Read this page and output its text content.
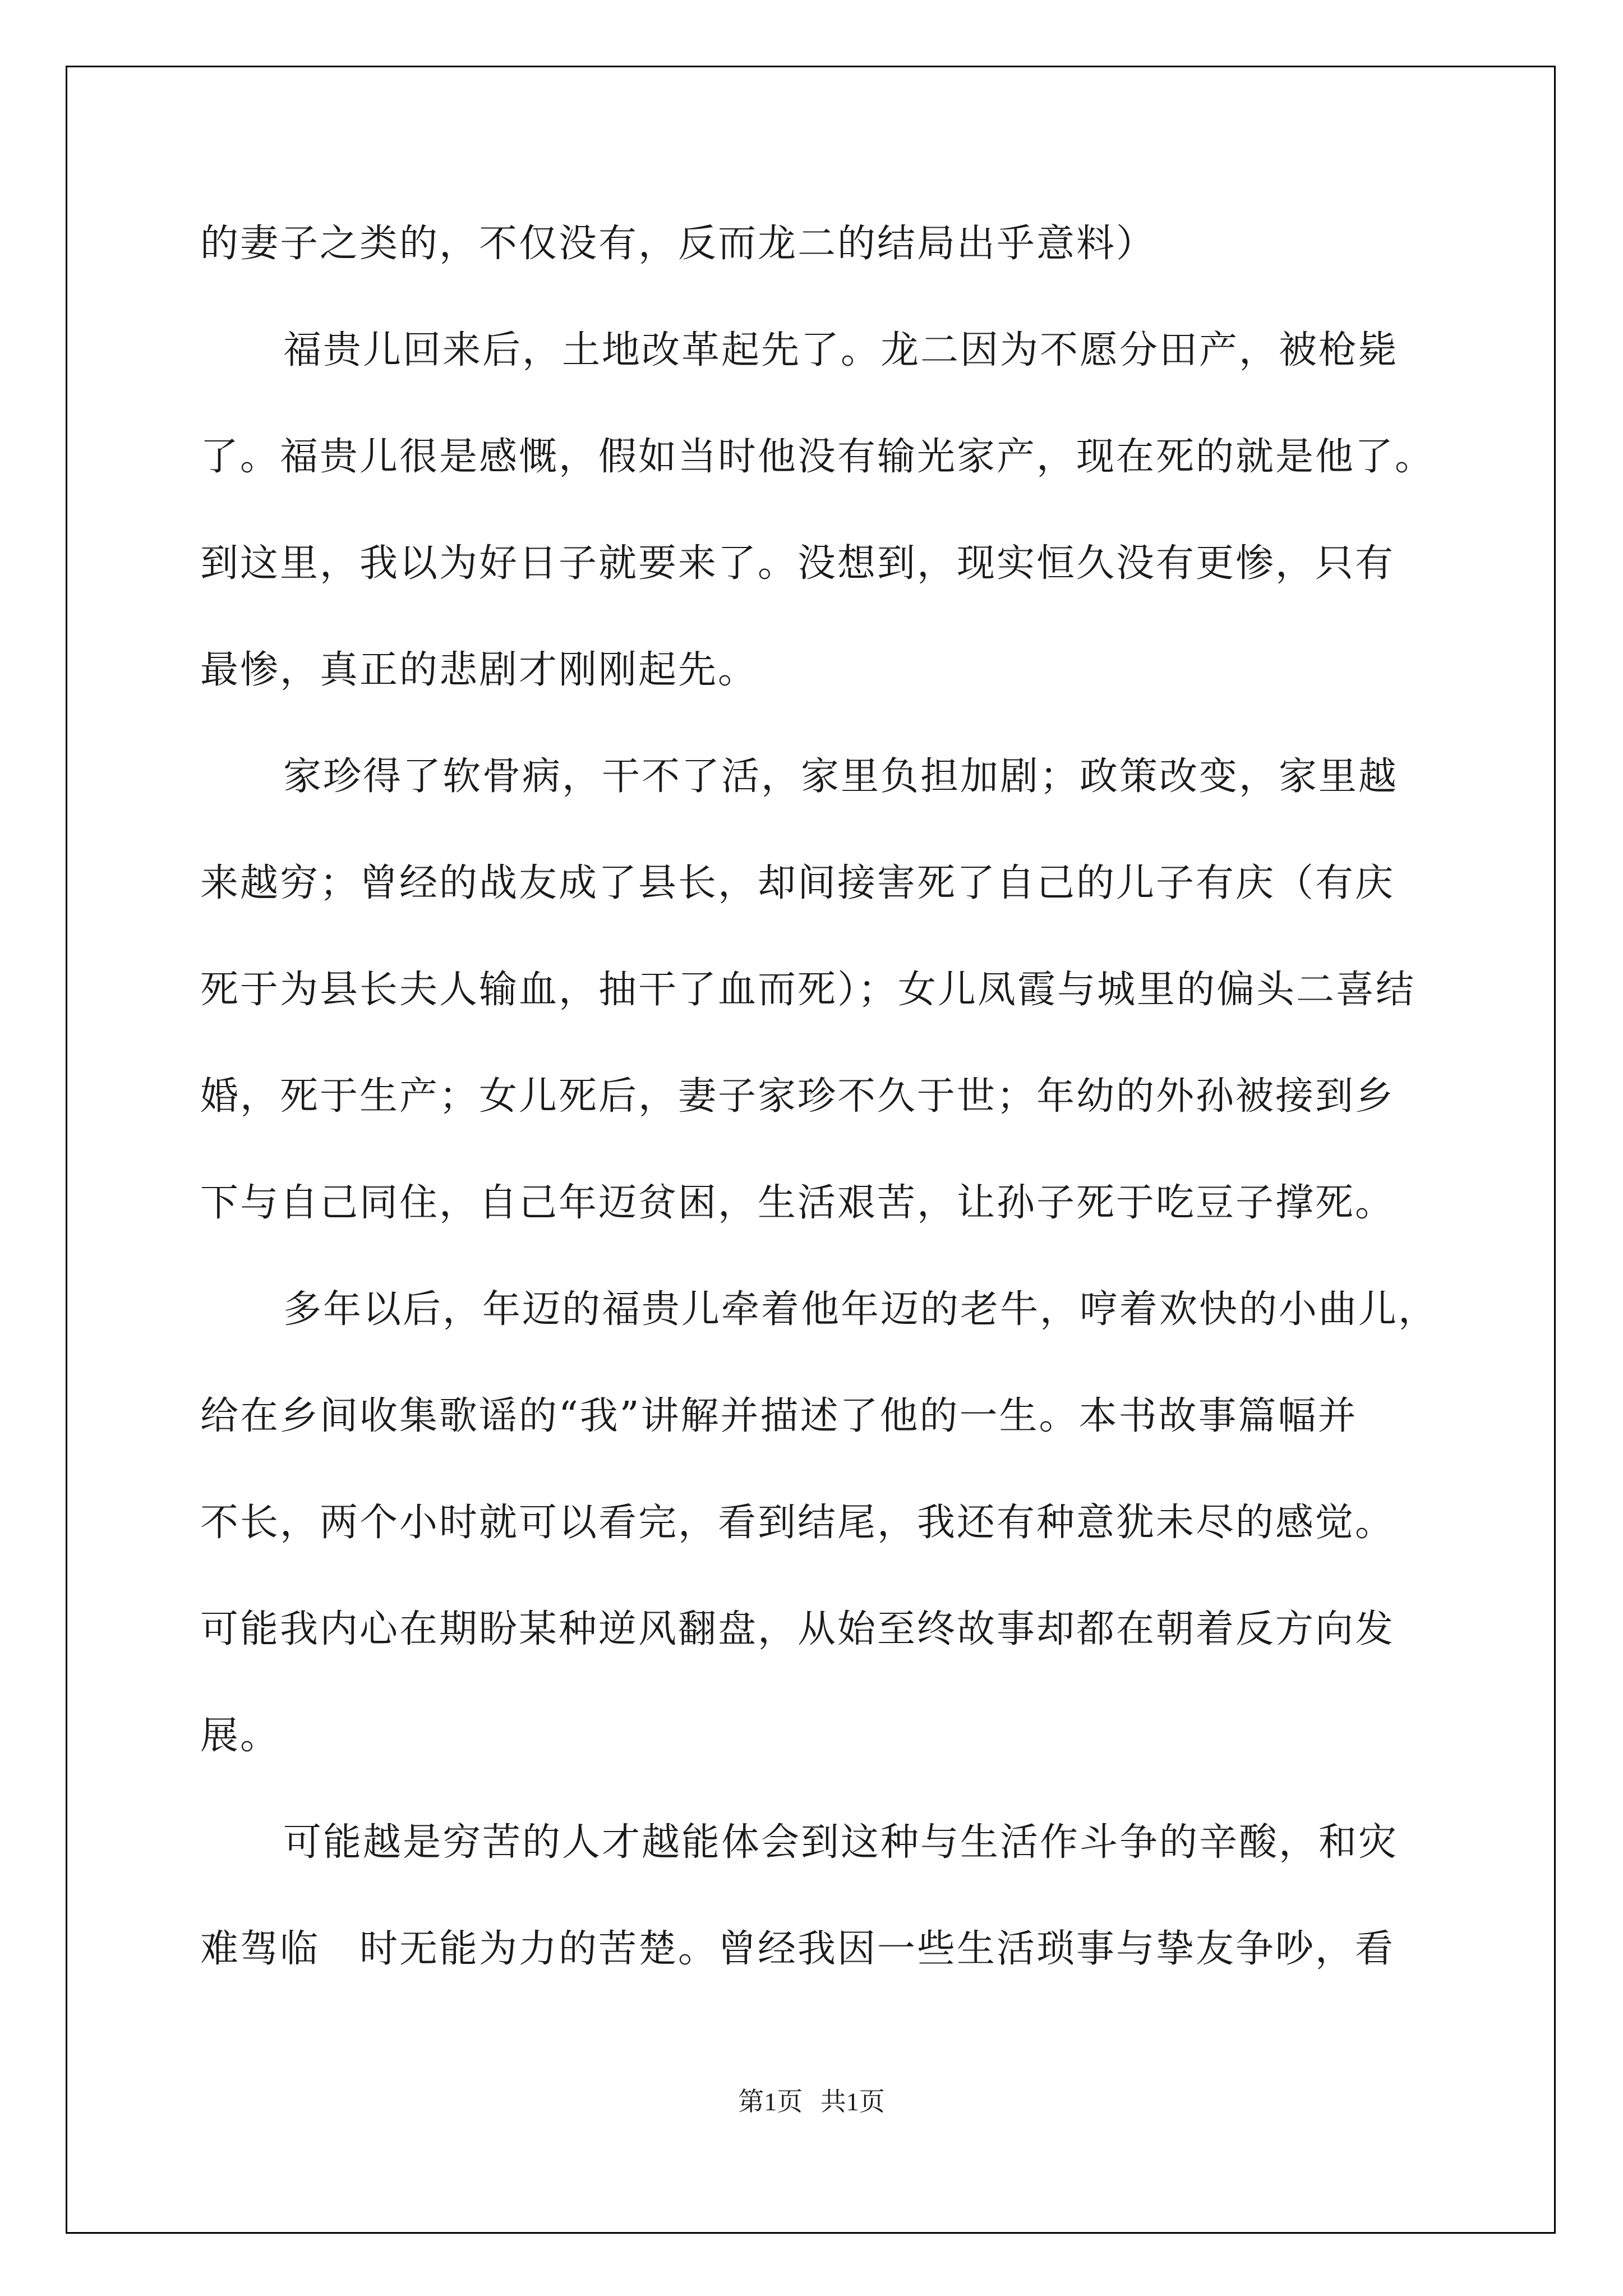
的妻子之类的，不仅没有，反而龙二的结局出乎意料）
福贵儿回来后，土地改革起先了。龙二因为不愿分田产，被枪毙
了。福贵儿很是感慨，假如当时他没有输光家产，现在死的就是他了。
到这里，我以为好日子就要来了。没想到，现实恒久没有更惨，只有
最惨，真正的悲剧才刚刚起先。
家珍得了软骨病，干不了活，家里负担加剧；政策改变，家里越
来越穷；曾经的战友成了县长，却间接害死了自己的儿子有庆（有庆
死于为县长夫人输血，抽干了血而死）；女儿凤霞与城里的偏头二喜结
婚，死于生产；女儿死后，妻子家珍不久于世；年幼的外孙被接到乡
下与自己同住，自己年迈贫困，生活艰苦，让孙子死于吃豆子撑死。
多年以后，年迈的福贵儿牵着他年迈的老牛，哼着欢快的小曲儿，
给在乡间收集歌谣的“我”讲解并描述了他的一生。本书故事篇幅并
不长，两个小时就可以看完，看到结尾，我还有种意犹未尽的感觉。
可能我内心在期盼某种逆风翻盘，从始至终故事却都在朝着反方向发
展。
可能越是穷苦的人才越能体会到这种与生活作斗争的辛酸，和灾
难驾临　时无能为力的苦楚。曾经我因一些生活琐事与挚友争吵，看
第1页 共1页
